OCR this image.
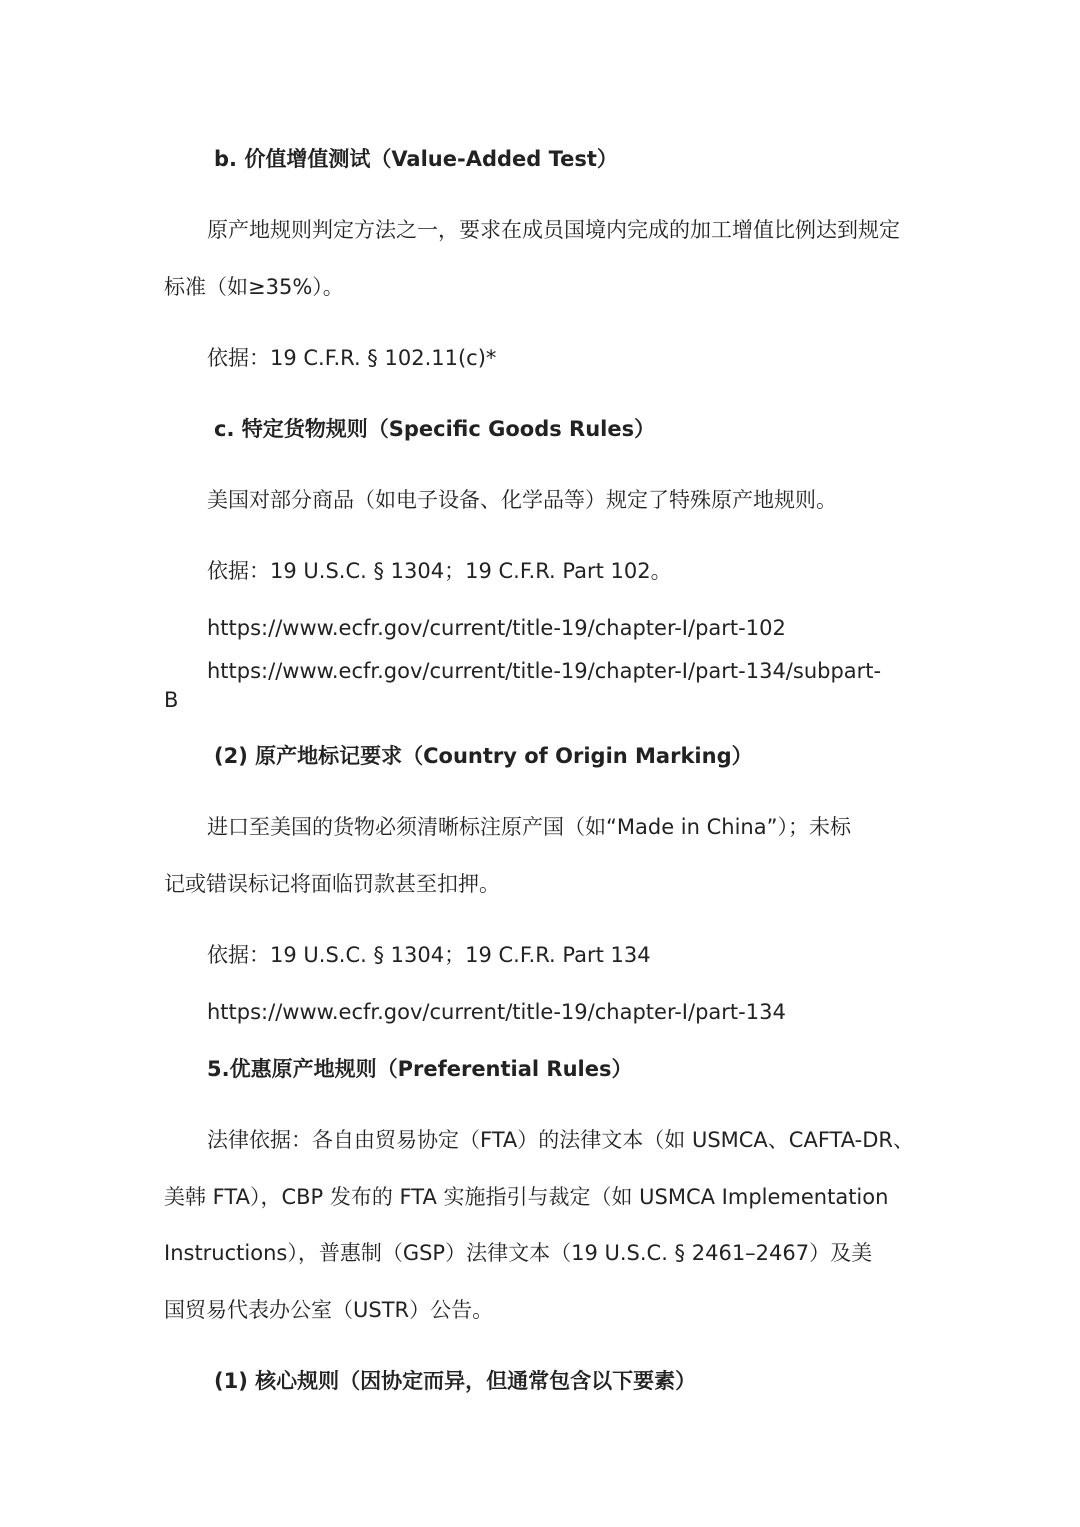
b. 价值增值测试（Value-Added Test）

原产地规则判定方法之一，要求在成员国境内完成的加工增值比例达到规定

标准（如≥35%）。

依据：19 C.F.R. § 102.11(c)*

c. 特定货物规则（Specific Goods Rules）

美国对部分商品（如电子设备、化学品等）规定了特殊原产地规则。

依据：19 U.S.C. § 1304；19 C.F.R. Part 102。

https://www.ecfr.gov/current/title-19/chapter-I/part-102

https://www.ecfr.gov/current/title-19/chapter-I/part-134/subpart-

B

(2) 原产地标记要求（Country of Origin Marking）

进口至美国的货物必须清晰标注原产国（如“Made in China”）；未标

记或错误标记将面临罚款甚至扣押。

依据：19 U.S.C. § 1304；19 C.F.R. Part 134

https://www.ecfr.gov/current/title-19/chapter-I/part-134

5.优惠原产地规则（Preferential Rules）

法律依据：各自由贸易协定（FTA）的法律文本（如 USMCA、CAFTA-DR、

美韩 FTA），CBP 发布的 FTA 实施指引与裁定（如 USMCA Implementation

Instructions），普惠制（GSP）法律文本（19 U.S.C. § 2461–2467）及美

国贸易代表办公室（USTR）公告。

(1) 核心规则（因协定而异，但通常包含以下要素）
